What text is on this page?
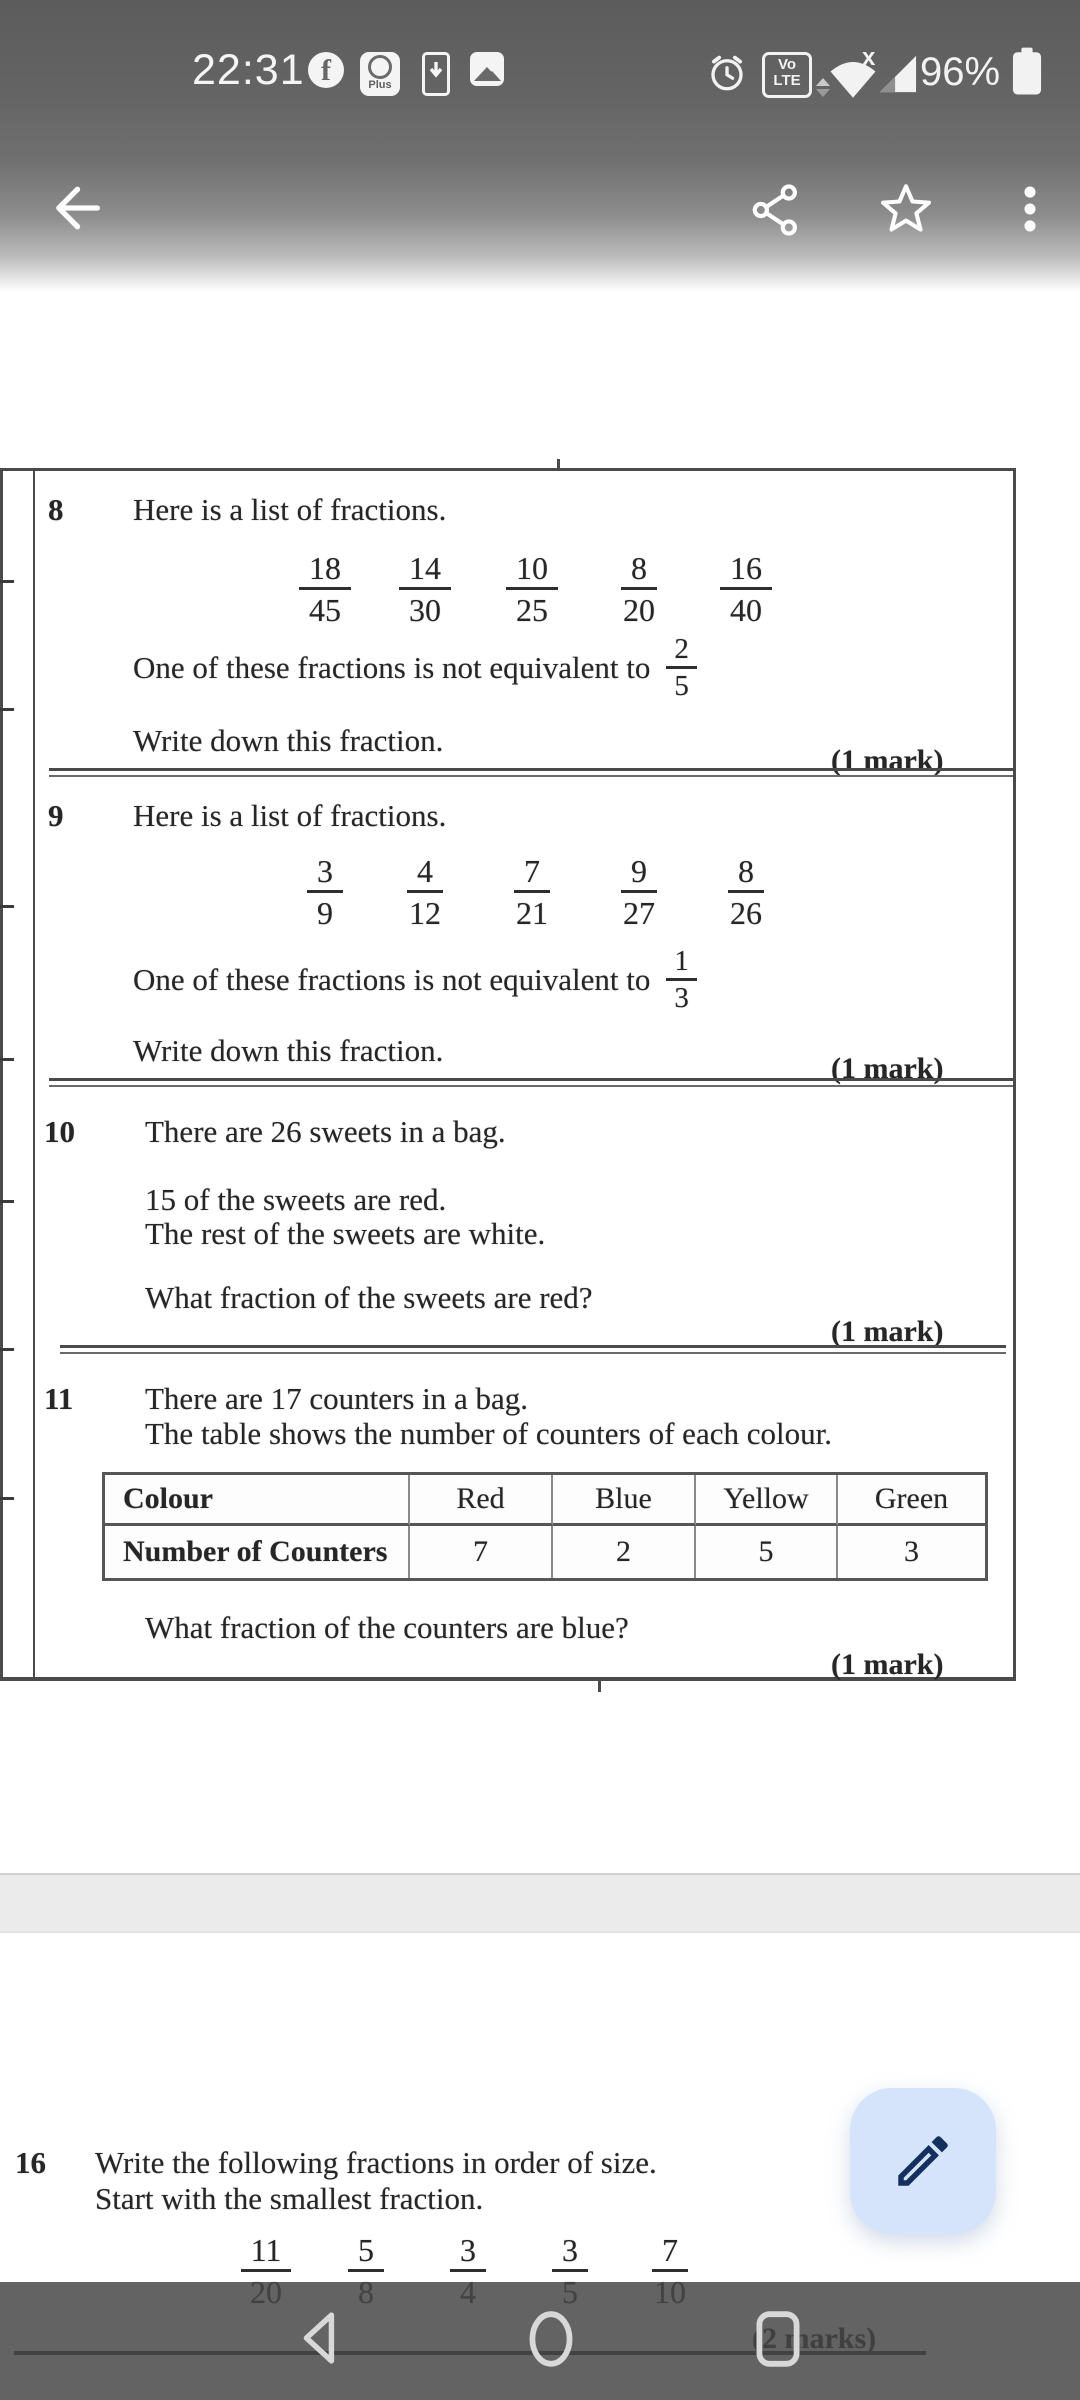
22:31 f	Plus
Vo
LTE
x 96%
8 Here is a list of fractions.
$\frac{18}{45} \frac{14}{30} \frac{10}{25} \frac{8}{20} \frac{16}{40}$
One of these fractions is not equivalent to $\frac{2}{5}$
Write down this fraction.
(1 mark)
9 Here is a list of fractions.
$\frac{3}{9} \frac{4}{12} \frac{7}{21} \frac{9}{27} \frac{8}{26}$
One of these fractions is not equivalent to $\frac{1}{3}$
Write down this fraction.
(1 mark)
10 There are 26 sweets in a bag.
15 of the sweets are red.
The rest of the sweets are white.
What fraction of the sweets are red?
(1 mark)
11 There are 17 counters in a bag.
The table shows the number of counters of each colour.
Colour	Red	Blue	Yellow	Green
Number of Counters	7	2	5	3
What fraction of the counters are blue?
(1 mark)
16 Write the following fractions in order of size.
Start with the smallest fraction.
11	5	3	3	7
